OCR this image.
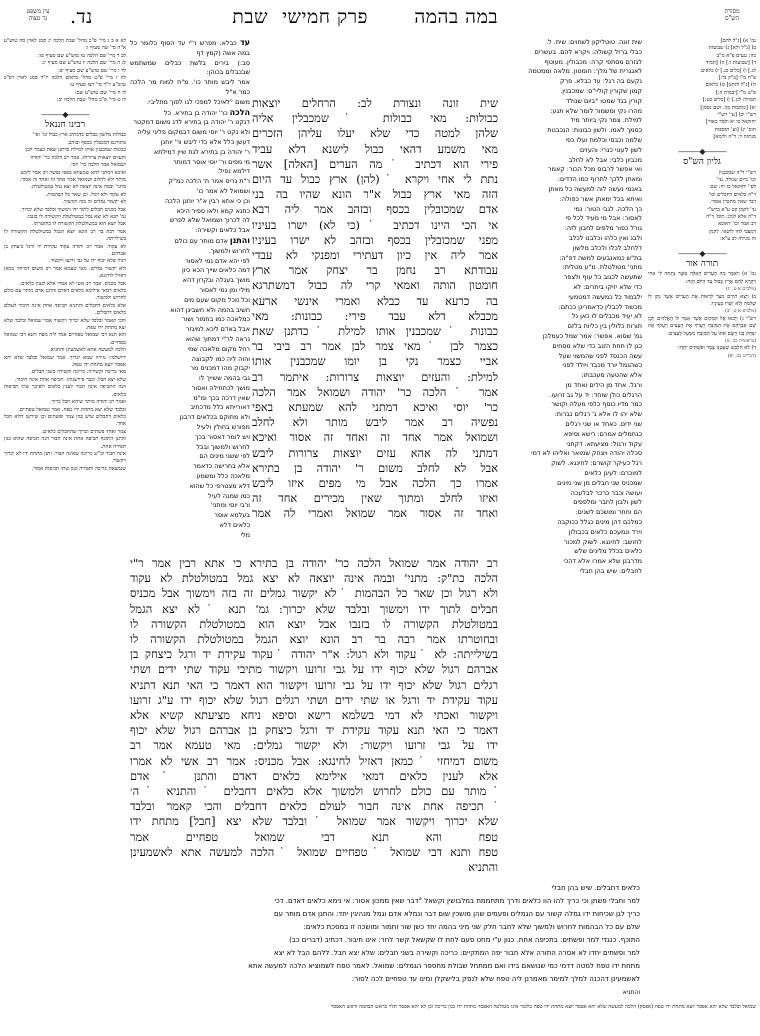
מסורת
הש"ס
במה בהמה
פרק חמישי
שבת
נד.
עין משפט
נר מצוה
גמ' א) [נ"ל להם]
ב) [נ"ל ולא] ג) שבועות
כה: נגעים פ"א מ"ב
ד) [שבועות ו:] ה) [תמיד
לג.] ו) [כלים כג.] ז) כלאים
פ"ח מ"ו [ב"ק נד:]
ח) [נ"ל והתנן] ט) כלאים
פ"ט מ"י [יבמות ה:]
תמורה לגן.] י) [כלים כט:]
יא) [כותבות כה. ושם נסמן]
רש"י יב) [עי' רש"י
יחזקאל כו יא ולמד כאור]
תוס' יג) [וע' תוספות
מנחות ל: ד"ה ולימא]
―――◆―――
גליון הש"ס
רש"י ד"ה שמכבנין
וכו' ביום שנולד. עי'
לפי' יחזקאל כז יח: שם
ד"ה כלאים דחבלים וכו'
דבר שאין מתכוין אסור.
עי' לקמן קט ע"א ברש"י
ד"ה אלא לגלג: תוס' ד"ה
רב אמר וכו' דאוכא
דמצבי לחו לתנאי. לקמן
זה מגילה לב ע"א:
―――◆―――
תורה אור
גמ' א) וַיֹּאמֶר מָה הֶעָרִים הָאֵלֶּה אֲשֶׁר נָתַתָּה לִּי אָחִי וַיִּקְרָא לָהֶם אֶרֶץ כָּבוּל עַד הַיּוֹם הַזֶּה:
(מלכים א ט, יג)
ב) וַיֵּצֵא חִירָם מִצֹּר לִרְאוֹת אֶת הֶעָרִים אֲשֶׁר נָתַן לוֹ שְׁלֹמֹה וְלֹא יָשְׁרוּ בְּעֵינָיו:
(מלכים א ט, יב)
רש"י ג) וַיָּבֹאוּ אֶל הַמָּקוֹם אֲשֶׁר אָמַר לוֹ הָאֱלֹהִים וַיִּבֶן שָׁם אַבְרָהָם אֶת הַמִּזְבֵּחַ וַיַּעֲרֹךְ אֶת הָעֵצִים וַיַּעֲקֹד אֶת יִצְחָק בְּנוֹ וַיָּשֶׂם אֹתוֹ עַל הַמִּזְבֵּחַ מִמַּעַל לָעֵצִים:
(בראשית כב, ט)
ד) לֹא תִלְבַּשׁ שַׁעַטְנֵז צֶמֶר וּפִשְׁתִּים יַחְדָּו:
(דברים כב, יא)
שית זונה. טוטליקון לשחוים: שית. ל.
כבלי ברזל קשולה: ויקרא להם. בעשרים
לגזרם מסתפי קרה: מכבולין. מעוטף
לאגגרית של מלך: חומטון. מלאה וממטמה
נקעם בה רגל: עד כבלא. פרק
קמון שקורין קוליי"ס: שמכבנין.
קורין בגד שמטו °ביום שנולד
מהרו נקי ומשמור לומר שלא תגע:
למילת. צמר נקי ביותר מיד
כסמך לאמו. ולשון כבונות: הנכבנות
שלמה וכבסי וכלמת ועלו כפי
לשון לענוי כנרי: והעזים
מכביון כלבי: אבל לא לחלב
ואי אפשר לרבוס מכל הכור: קאמר
ומאתן ללכך לתרוף כמו הדדים:
באנמי נעשה לוה למעשה כל מאתן
ואיתא בכל ימאתן אשר כפולה:
כך הלכה. לגבי הטור: נמי
לאסור: אבל מי מעיד לכל פי
גורל כפור מלפים לחבון לזה:
ולבנ ואין כלהו וכלבנו לכלב
דלחלב לכלו ולכלב מלשון
בת"ש כמאנבעים למשה דפ"ה:
מתני' מטולטלת. מ"ע מטלית:
שתעשה לכגוב כל עוף ולצפר
כדי שלא יזיקו ביתרים: לא
ילבמוד כל כמעשה דמטמעי
מכשוד לכבלין כדאמרינן ככתם:
לא יעיד מכבלים לו כאן נל
תורות כלולין בין כליות בלזם
גמ' שסוא. אפשר: אמר שמל כעמלכן
כגן לו תחת הזנב כדי שלא מסחים
עשה הכנסד לפני שהמשוי שעל
כשהגמל יורד מכבד ויולד לפני
אלא שהטעה מעכבתו:
ורגל. אחד מן הידים ואחד מן
הרגלים כולן שוחד: יד על גב זרועו.
כמר מדיו כוסף כלפי מעלה וקושר
שלא יהו לו אלא ג' רגלים נברות:
שני ידים. כאחד או שני רגלים
כגחמלים אמרם: רישא וסיפא
עקוד ורגול: מציעתא. דקתני
סכלה יהודה ויצחק שמואר ואליהו לא דמי
רגל כעיקר קושרם: לחינגא. לשוק
למוכרם: לעיגן כלאים
שמכניס שני חבלים מן שני מינים
ועושה וכבר כרכר לבלעכה
לשון ולבון לחבר ומלפפים
הם וחוזר ומושכם לשנים:
כמלכם דהן מינים כגלל ככוקבה
וירד ונמעכם כלאים בכבולון
לחושב: לחינגא. לשוק למכור
כלאים בכלל מלינים שלש
מדרבנן שלא אמרו אלא דהכי
לחבלים: שיש בהן חבלי
שית זונה ונצורת לב: הרחלים יוצאות
כבולות: מאי כבולות ˙שמכבלין אליה
שלהן למטה כדי שלא יעלו עליהן הזכרים
מאי משמע דהאי כבול לישנא דלא עביד
פירי הוא דכתיב ˙מה הערים [האלה] אשר
נתת לי אחי ויקרא ˙(להן) ארץ כבול עד היום
הזה מאי ארץ כבול א"ר הונא שהיו בה בני
אדם שמכובלין בכסף ובזהב אמר ליה רבא
אי הכי היינו דכתיב ˙(כי לא) ישרו בעיניו
מפני שמכובלין בכסף ובזהב לא ישרו בעיניו
אמר ליה אין כיון דעתירי ומפנקי לא עבדי
עבודתא רב נחמן בר יצחק אמר ארץ
חומטון הותה ואמאי קרי לה כבול דמשתרגא
בה כרעא עד כבלא ואמרי אינשי ארעא
מכבלא דלא עבד פירי: כבונות: מאי
כבונות ˙שמכבנין אותו למילת ˙כדתנן שאת
כצמר לבן ˙מאי צמר לבן אמר רב ביבי בר
אביי כצמר נקי בן יומו שמכבנין אותו
למילת: והעזים יוצאות צרורות: איתמר רב
אמר ˙הלכה כר' יהודה ושמואל אמר הלכה
כר' יוסי ואיכא דמתני להא שמעתא באפי
נפשיה רב אמר ליבש מותר ולא לחלב
ושמואל אמר אחד זה ואחד זה אסור ואיכא
דמתני לה אהא עזים יוצאות צרורות ליבש
אבל לא לחלב משום ר' יהודה בן בתירא
אמרו כך הלכה אבל מי מפים איזו ליבש
ואיזו לחלב ומתוך שאין מכירים אחד זה
ואחד זה אסור אמר שמואל ואמרי לה אמר
רב יהודה אמר שמואל הלכה כר' יהודה בן בתירא כי אתא רבין אמר ר"י
הלכה כת"ק: מתני' ובמה אינה יוצאה לא יצא גמל במטולטלת לא עקוד
ולא רגול וכן שאר כל הבהמות ˙לא יקשור גמלים זה בזה וימשוך אבל מכניס
חבלים לתוך ידו וימשוך ובלבד שלא יכרוך: גמ' תנא ˙לא יצא הגמל
במטולטלת הקשורה לו בזנבו אבל יוצא הוא במטולטלת הקשורה לו
ובחוטרתו אמר רבה בר רב הונא יוצא הגמל במטולטלת הקשורה לו
בשילייתה: לא ˙עקוד ולא רגול: א"ר יהודה ˙עקוד עקידת יד ורגל כיצחק בן
אברהם רגול שלא יכוף ידו על גבי זרועו ויקשור מתיבי עקוד שתי ידים ושתי
רגלים רגול שלא יכוף ידו על גבי זרועו ויקשור הוא דאמר כי האי תנא דתניא
עקוד עקידת יד ורגל או שתי ידים ושתי רגלים רגול שלא יכוף ידו ע"ג זרועו
ויקשור ואכתי לא דמי בשלמא רישא וסיפא ניחא מציעתא קשיא אלא
דאמר כי האי תנא עקוד עקידת יד ורגל כיצחק בן אברהם רגול שלא יכוף
ידו על גבי זרועו ויקשור: ולא יקשור גמלים: מאי טעמא אמר רב
משום דמיחזי ˙כמאן דאזיל לחינגא: אבל מכניס: אמר רב אשי לא אמרו
אלא לענין כלאים דמאי אילימא כלאים דאדם והתנן ˙אדם
˙מותר עם כולם לחרוש ולמשוך אלא כלאים דחבלים ˙והתניא ˙ה׳
˙תכיפה אחת אינה חבור לעולם כלאים דחבלים והכי קאמר ובלבד
שלא יכרוך ויקשור אמר שמואל ˙ובלבד שלא יצא [חבל] מתחת ידו
טפח והא תנא דבי שמואל טפחיים אמר
טפח ותנא דבי שמואל ˙טפחיים שמואל ˙הלכה למעשה אתא לאשמעינן
והתניא
עד כבלא. מפרש ר"י עד הסוף כלומר כל במה אשה (קמץ דף
סב:) בירים בלשת כבלים שמשתמש שבכבלים בכוהן:
אמר ליבש מותר כו'. מ"ח למוח מר הלכה כמר א"ל
משום °לאיכל למפכי לגו לפוך מתליבי:
הלכה כר' יהודה בן בתירא. כל
דנקט ר' יהודה בן בתירא לדנ משום דמקטר
ולא נקט ר' יוסי משום דבמקום פליגי עליה
דעשן כלל אלא כדי ליבש ור' יוחנן
ר' יהודה בן בתירא לגת שיין דמילתא
מי מפים ור' יוסי אוסר דמותר
דילמא נפיל:
ר"ת גריס אמר ת' הלכה כמ"ק
ושמואל לא אמר כו'
וכן כי אתא רבין א"ר יוחנן הלכה
כתנא קמא ולאו ספיר היכא
לה לכרוך ושמואל שלא לפרש
אבל כלאים וקשירה:
והתנן אדם מותר עם כולם
לחרוש ולמשוך.
לפי יהא אדם נמי לאסור
דמה כלאים שייך הכא כיון
מושך בעגלה ובקרון דהא
מילי ומן נמי לאסור
וכל מכל מקום שעם מים
חשיב בהמה ולא חשבינן דהוא
כמלאכה כמו בחמור ושור
אבל באדם ליכא למיגזר
נראה לר"י דמתוך שהוא
רחל מקום מלאכה שמי
והוה ליה כמו לקבוצה
יקבוק מהו דמכניס מר
גבי בהמה ששייך לו
מושך לכתחילה ואסור
שאין דרכה בכך ומ"מ
דאורייתא כלל מדכתיב
ולא מתוקם בכלאים דרבנן
מפורש בחולין ולעיל
ויש לומר דאסור בכך
לחרוש ולמשוך ובכל
לפי ששני מינים הם
אלא בחרישה כדאמר
מלאכה כלל ומשמע
דלא מצטרפי כל שהוא
כמו שמנה לעיל
ורבי יוסי ומתני'
בעלמא אוסר
כלאים דלא
מלי
לא א ב ג מיי' פ"כ מהל' שבת הלכה יג סמג לאוין סה טוש"ע א"ח סי' שה סעיף ו:
לב ד מיי' שם הלכה טו טוש"ע שם סעיף טו:
לג ה מיי' שם הלכה יו טוש"ע שם סעיף יג:
לד ו מיי' שם טוש"ע שם סעיף יב:
לה ז מיי' פ"ט מהל' כלאים הלכה יו"ד סמג לאוין רפ"ב טוש"ע יו"ד סי' רצז סעיף ט:
לו ח מיי' שם טוש"ע שם:
לז ט מיי' פ"כ מהל' שבת הלכה יב:
―――◆―――
רבינו חננאל
כבולות מלשון כבלים כדכתיב ארץ כבול וגו' ופי'
מתורגם דמכבלין בכסף ובזהב.
כבונות שמכבנין אותו למילת כדתנן שאת כצמר לבן:
והעזים יוצאות צרורות. אמר רב הלכה כר' יהודה
ושמואל אמר הלכה כר' יוסי.
ואיכא דמתני להא שמעתא באפי נפשה רב אמר ליבש
מותר ולא לחלוב ושמואל אמר אחד זה ואחד זה אסור.
מתני' ובמה אינה יוצאה לא יצא גמל במטולטלת.
לא עקוד ולא רגול. וכן שאר כל הבהמות.
לא יקשור גמלים זה בזה וימשוך.
אבל מכניס חבלים לתוך ידו וימשוך ובלבד שלא יכרוך.
גמ' תנא לא יצא גמל במטולטלת הקשורה לו בזנבו.
אבל יוצא הוא במטולטלת הקשורה לו בחוטרתו.
אמר רבה בר רב הונא יוצא הגמל במטולטלת הקשורה לו בשילייתה.
לא עקוד. אמר רב יהודה עקוד עקידת יד ורגל כיצחק בן אברהם.
רגול שלא יכוף ידו על גבי זרועו ויקשור.
ולא יקשור גמלים. מאי טעמא אמר רב משום דמיחזי כמאן דאזיל לחינגא.
אבל מכניס. אמר רב אשי לא אמרו אלא לענין כלאים.
כלאים דמאי אילימא כלאים דאדם והתנן אדם מותר עם כולם לחרוש ולמשוך.
אלא כלאים דחבלים והתניא תכיפה אחת אינה חיבור לעולם כלאים דחבלים.
והכי קאמר ובלבד שלא יכרוך ויקשור אמר שמואל ובלבד שלא יצא מתחת ידו טפח.
והא תנא דבי שמואל טפחיים אמר ליה מפח ותנא דבי שמואל טפחיים.
הלכה למעשה אתא לאשמעינן והתניא.
ירושלמי: גזירה שמא יכרוך. אמר שמואל ובלבד שלא יהא אפסר יוצא מתחת ידו טפח.
מאי כריכה וקשירה: כריכה וקשירה בשני חבלים.
שלא יצא חבל. וכבר פירשנוהו. תכיפה אחת אינה חיבור.
הנה התכיפה אינה חבור לענין כלאים ולפיכך שתי תכיפות כלאים.
ואמר רב יהודה מותר שיהא חבל כרוך.
ובלבד שלא יצא מתחת ידו טפח. אמר שמואל טפחיים.
כלאים דחבלים שיש בהן צמר ופשתים וכן שירשן דלוא חבל אחד.
צמר ואחד פשתים וכרוך שהחבלים כלאים.
והתנן התוכף תכיפה אחת אינה חבור הנה תכיפה שהוא כגון תפירה אחת.
אינה חבור וכ"ש כריכה שאינה חבור. ותנן מתחת ידו לא יכרוך ויקשור.
שנמצאת כריכה ותפירה כגון שתי תכיפות אסור.
כלאים דחבלים. שיש בהן חבלי
למר וחבלי פשתן וכי כריך להו הוו כלאים ודרך מתחממת במלבושין וקשאל °דבר שאין ממכון אסור: אי נימא כלאים דאדם. דכי
כריך לגן שכיחות ידו גמלה קשור עם הגמלים ופעמים שהן מושכין שום דבר ונמלא אדם וגמל מנהיגין יחד: והתנן אדם מותר עם
שלם עם כל הבהמות לחרוש ולמשוך שלא לחבר חלק שני מיני בהמה יחד כשן שור וחמור ומושכה זו במסכת כלאים:
התוכף. כנגדי למר ופשתים: בתכיפה אחת. כגון ע"י מחט פעם לחת לו שקשאל קשר לחר: אינו חיבור. דכתיב (דברים כב)
למר ופשתים יחדו לא אסרה התורה אלא חבור יפה המתקיים: כריכה וקשירה בשני חבלים: שלא יצא חבל. ללהם הבל לא יצא
מתחת ידו טפח למטה דדמי כמי שנושאם בידו ואם ממתחל שבולת מחספר הגמלים: שמואל. לאמר טפח לשמוציא הלכה למעשה אתא
לאשמעינן דהכנה למלך למימר מאמרנן ליה טפח שלא לנפק בלישקלן ומינו עד טפחיים לכה לסור:
והתניא
שמואל ובלבד שלא יהא אפסר יוצא מתחת ידו טפח (אפסק) הלכה למעשה שלא יהא אפסר יוצא מתחת ידו טפח כלומר אינו מטולטל האפסר מתחת ידו כגון כריכה וכן לא יהא אפסר תלוי בראש הבהמה וראש האפסר
